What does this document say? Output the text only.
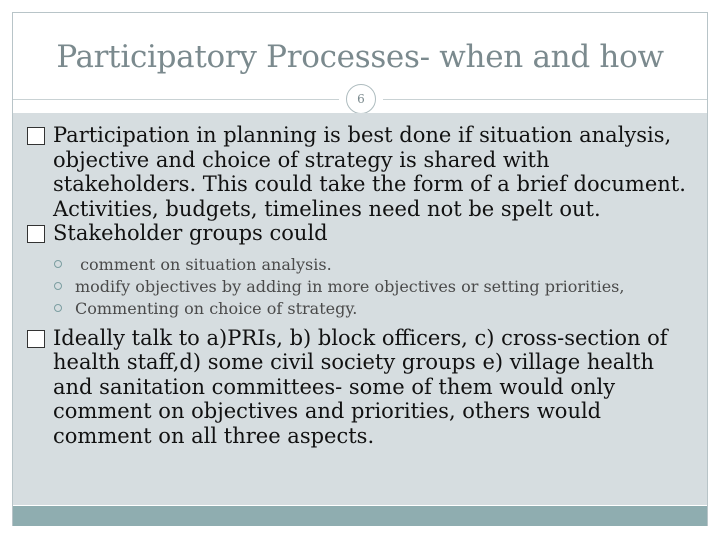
Participatory Processes- when and how
6

Participation in planning is best done if situation analysis, objective and choice of strategy is shared with stakeholders. This could take the form of a brief document. Activities, budgets, timelines need not be spelt out.

Stakeholder groups could

comment on situation analysis.
modify objectives by adding in more objectives or setting priorities,
Commenting on choice of strategy.

Ideally talk to a)PRIs, b) block officers, c) cross-section of health staff,d) some civil society groups e) village health and sanitation committees- some of them would only comment on objectives and priorities, others would comment on all three aspects.
